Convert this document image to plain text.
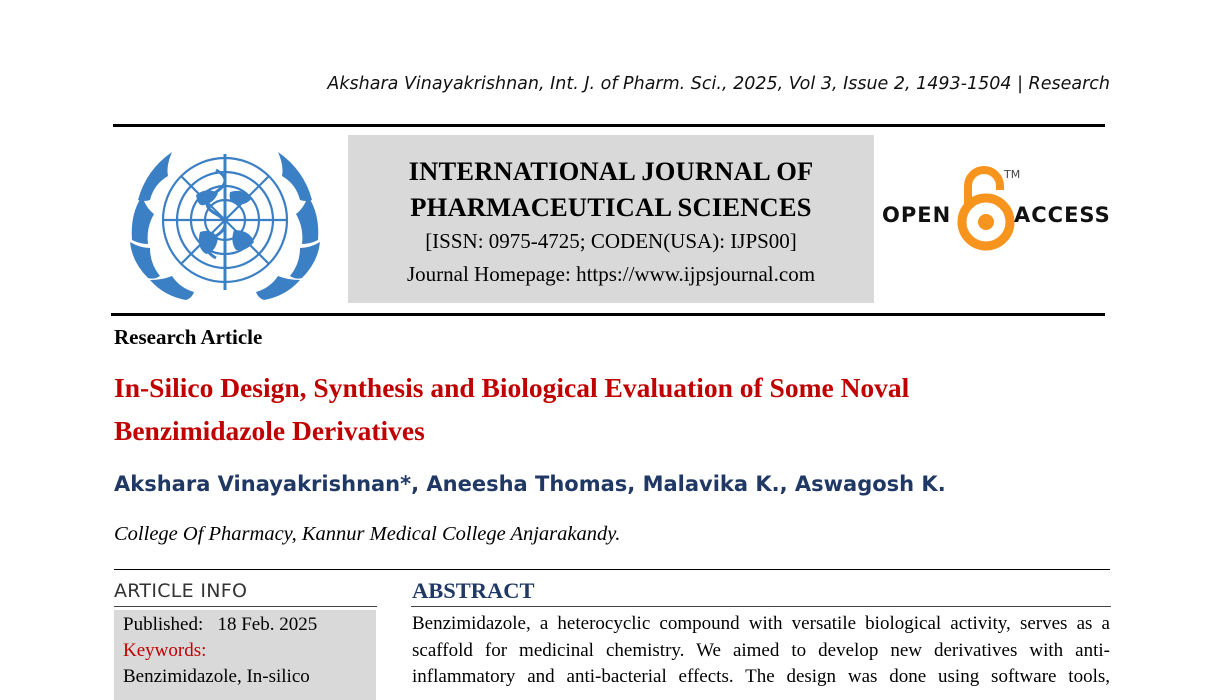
Akshara Vinayakrishnan, Int. J. of Pharm. Sci., 2025, Vol 3, Issue 2, 1493-1504 | Research
INTERNATIONAL JOURNAL OF
PHARMACEUTICAL SCIENCES
[ISSN: 0975-4725; CODEN(USA): IJPS00]
Journal Homepage: https://www.ijpsjournal.com
OPEN
TM
ACCESS
Research Article
In-Silico Design, Synthesis and Biological Evaluation of Some Noval
Benzimidazole Derivatives
Akshara Vinayakrishnan*, Aneesha Thomas, Malavika K., Aswagosh K.
College Of Pharmacy, Kannur Medical College Anjarakandy.
ARTICLE INFO
Published: 18 Feb. 2025
Keywords:
Benzimidazole, In-silico
ABSTRACT
Benzimidazole, a heterocyclic compound with versatile biological activity, serves as a
scaffold for medicinal chemistry. We aimed to develop new derivatives with anti-
inflammatory and anti-bacterial effects. The design was done using software tools,
